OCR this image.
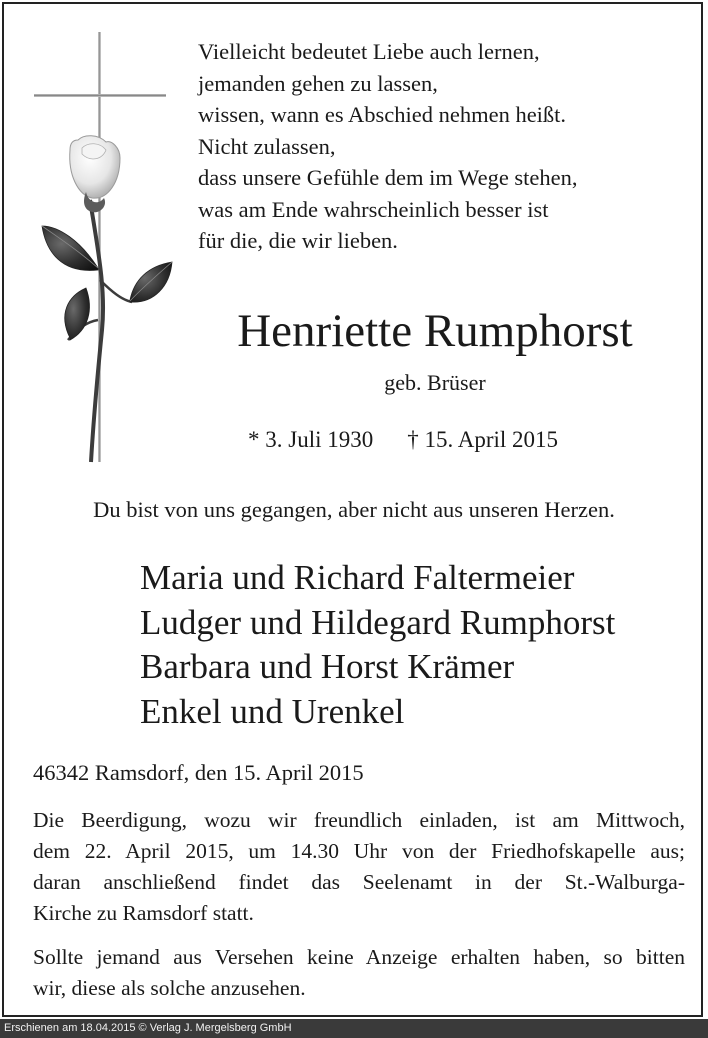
Vielleicht bedeutet Liebe auch lernen,
jemanden gehen zu lassen,
wissen, wann es Abschied nehmen heißt.
Nicht zulassen,
dass unsere Gefühle dem im Wege stehen,
was am Ende wahrscheinlich besser ist
für die, die wir lieben.
Henriette Rumphorst
geb. Brüser
* 3. Juli 1930 † 15. April 2015
Du bist von uns gegangen, aber nicht aus unseren Herzen.
Maria und Richard Faltermeier
Ludger und Hildegard Rumphorst
Barbara und Horst Krämer
Enkel und Urenkel
46342 Ramsdorf, den 15. April 2015
Die Beerdigung, wozu wir freundlich einladen, ist am Mittwoch,
dem 22. April 2015, um 14.30 Uhr von der Friedhofskapelle aus;
daran anschließend findet das Seelenamt in der St.-Walburga-
Kirche zu Ramsdorf statt.
Sollte jemand aus Versehen keine Anzeige erhalten haben, so bitten
wir, diese als solche anzusehen.
Erschienen am 18.04.2015 © Verlag J. Mergelsberg GmbH
